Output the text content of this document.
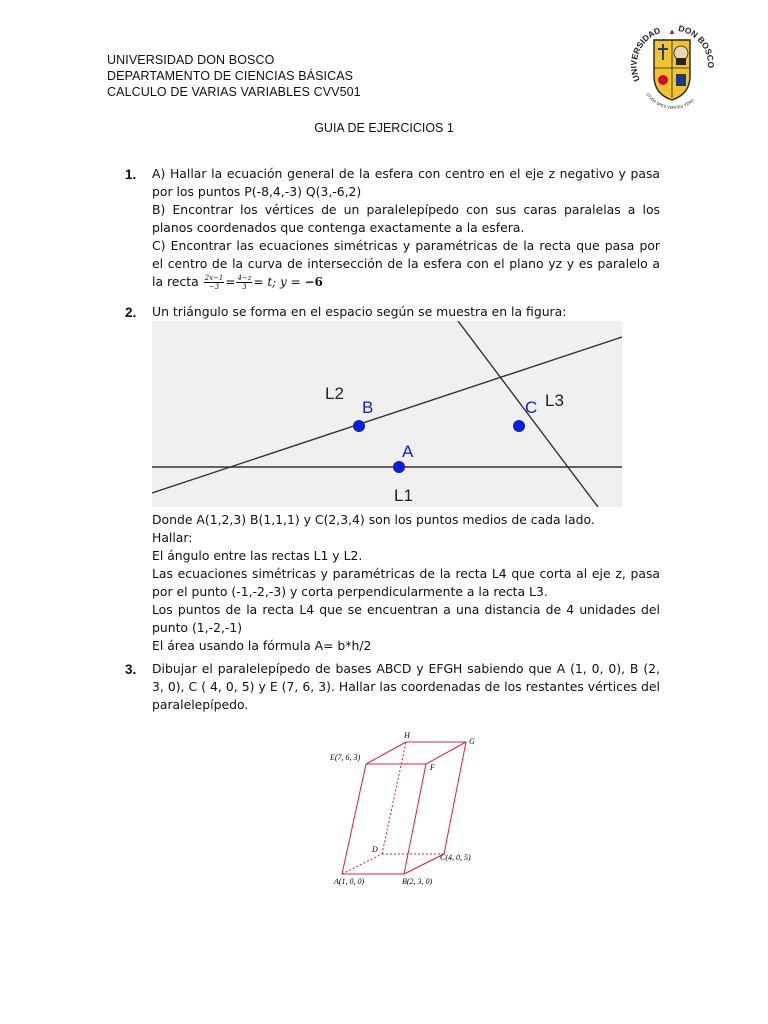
UNIVERSIDAD DON BOSCO
DEPARTAMENTO DE CIENCIAS BÁSICAS
CALCULO DE VARIAS VARIABLES CVV501
UNIVERSIDAD DON BOSCO
STVDII SPES VERITAS VERO
GUIA DE EJERCICIOS 1
1. A) Hallar la ecuación general de la esfera con centro en el eje z negativo y pasa por los puntos P(-8,4,-3) Q(3,-6,2)

B) Encontrar los vértices de un paralelepípedo con sus caras paralelas a los planos coordenados que contenga exactamente a la esfera.

C) Encontrar las ecuaciones simétricas y paramétricas de la recta que pasa por el centro de la curva de intersección de la esfera con el plano yz y es paralelo a la recta $\frac{2x-1}{-3} = \frac{4-z}{3} = t$; y = −6

2. Un triángulo se forma en el espacio según se muestra en la figura:
L2
B	C L3
A
L1

Donde A(1,2,3) B(1,1,1) y C(2,3,4) son los puntos medios de cada lado.

Hallar:

El ángulo entre las rectas L1 y L2.

Las ecuaciones simétricas y paramétricas de la recta L4 que corta al eje z, pasa por el punto (-1,-2,-3) y corta perpendicularmente a la recta L3.

Los puntos de la recta L4 que se encuentran a una distancia de 4 unidades del punto (1,-2,-1)

El área usando la fórmula A= b*h/2

3. Dibujar el paralelepípedo de bases ABCD y EFGH sabiendo que A (1, 0, 0), B (2, 3, 0), C ( 4, 0, 5) y E (7, 6, 3). Hallar las coordenadas de los restantes vértices del paralelepípedo.
H
G
E(7, 6, 3)
F
D
C(4, 0, 5)
A(1, 0, 0)	B(2, 3, 0)
